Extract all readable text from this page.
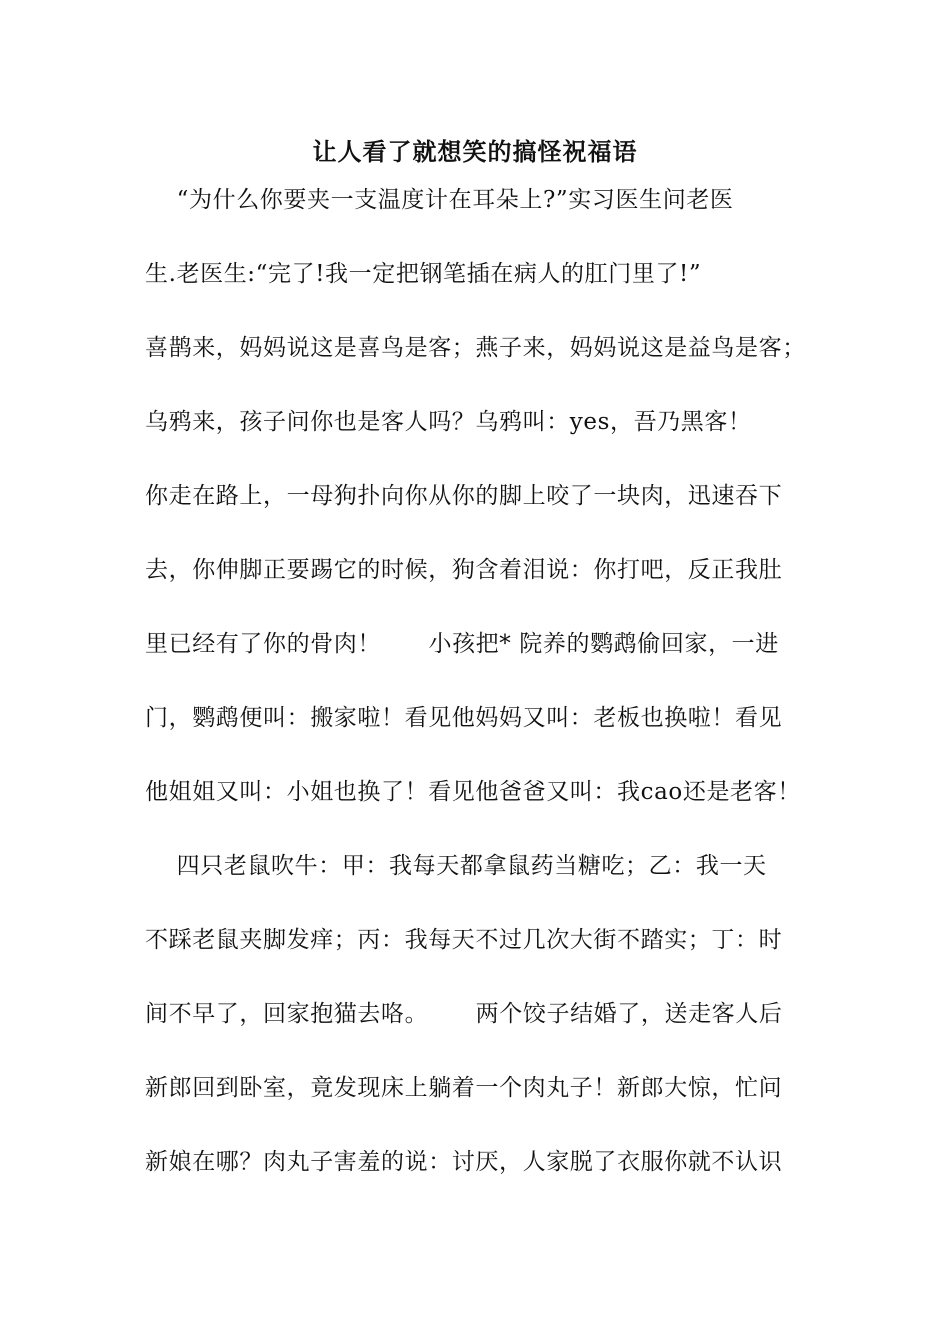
让人看了就想笑的搞怪祝福语
“为什么你要夹一支温度计在耳朵上?”实习医生问老医
生.老医生:“完了!我一定把钢笔插在病人的肛门里了!”
喜鹊来，妈妈说这是喜鸟是客；燕子来，妈妈说这是益鸟是客；
乌鸦来，孩子问你也是客人吗？乌鸦叫：yes，吾乃黑客！
你走在路上，一母狗扑向你从你的脚上咬了一块肉，迅速吞下
去，你伸脚正要踢它的时候，狗含着泪说：你打吧，反正我肚
里已经有了你的骨肉！      小孩把* 院养的鹦鹉偷回家，一进
门，鹦鹉便叫：搬家啦！看见他妈妈又叫：老板也换啦！看见
他姐姐又叫：小姐也换了！看见他爸爸又叫：我cao还是老客！
四只老鼠吹牛：甲：我每天都拿鼠药当糖吃；乙：我一天
不踩老鼠夹脚发痒；丙：我每天不过几次大街不踏实；丁：时
间不早了，回家抱猫去咯。      两个饺子结婚了，送走客人后
新郎回到卧室，竟发现床上躺着一个肉丸子！新郎大惊，忙问
新娘在哪？肉丸子害羞的说：讨厌，人家脱了衣服你就不认识
